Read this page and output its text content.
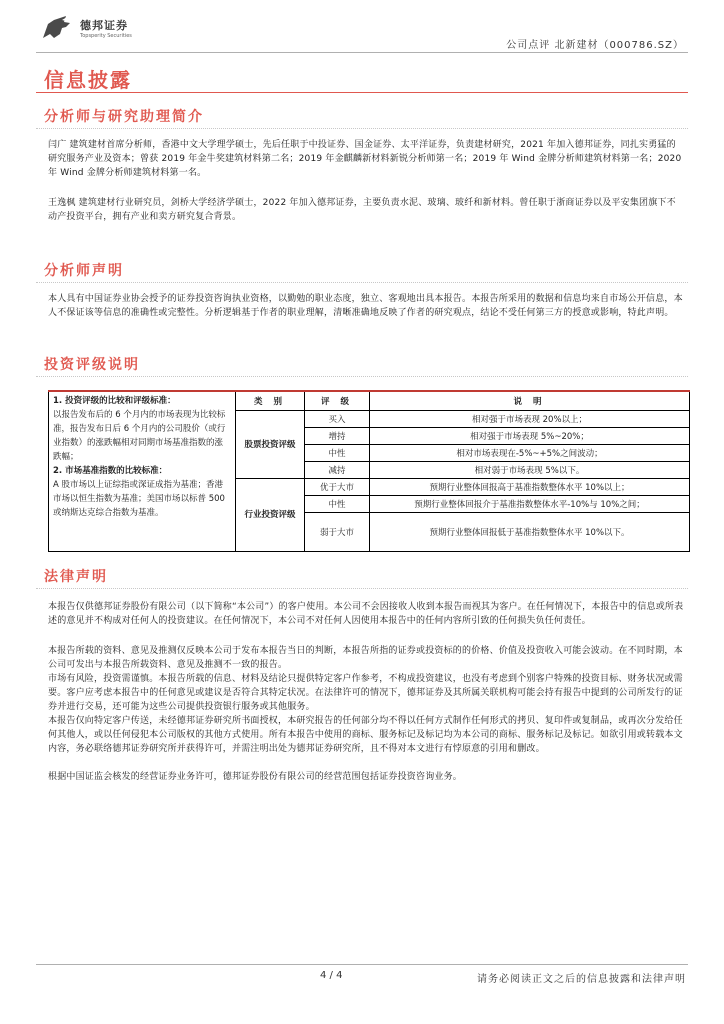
德邦证券
Topsperity Securities
公司点评 北新建材（000786.SZ）
信息披露
分析师与研究助理简介
闫广 建筑建材首席分析师，香港中文大学理学硕士，先后任职于中投证券、国金证券、太平洋证券，负责建材研究，2021 年加入德邦证券，同扎实勇猛的研究服务产业及资本；曾获 2019 年金牛奖建筑材料第二名；2019 年金麒麟新材料新锐分析师第一名；2019 年 Wind 金牌分析师建筑材料第一名；2020 年 Wind 金牌分析师建筑材料第一名。
王逸枫 建筑建材行业研究员，剑桥大学经济学硕士，2022 年加入德邦证券，主要负责水泥、玻璃、玻纤和新材料。曾任职于浙商证券以及平安集团旗下不动产投资平台，拥有产业和卖方研究复合背景。
分析师声明
本人具有中国证券业协会授予的证券投资咨询执业资格，以勤勉的职业态度，独立、客观地出具本报告。本报告所采用的数据和信息均来自市场公开信息，本人不保证该等信息的准确性或完整性。分析逻辑基于作者的职业理解，清晰准确地反映了作者的研究观点，结论不受任何第三方的授意或影响，特此声明。
投资评级说明
1. 投资评级的比较和评级标准：
以报告发布后的 6 个月内的市场表现为比较标准，报告发布日后 6 个月内的公司股价（或行业指数）的涨跌幅相对同期市场基准指数的涨跌幅；
2. 市场基准指数的比较标准：
A 股市场以上证综指或深证成指为基准；香港市场以恒生指数为基准；美国市场以标普 500 或纳斯达克综合指数为基准。	类 别	评 级	说 明
	股票投资评级	买入	相对强于市场表现 20%以上；
		增持	相对强于市场表现 5%~20%；
		中性	相对市场表现在-5%~+5%之间波动；
		减持	相对弱于市场表现 5%以下。
	行业投资评级	优于大市	预期行业整体回报高于基准指数整体水平 10%以上；
		中性	预期行业整体回报介于基准指数整体水平-10%与 10%之间；
		弱于大市	预期行业整体回报低于基准指数整体水平 10%以下。
法律声明
本报告仅供德邦证券股份有限公司（以下简称“本公司”）的客户使用。本公司不会因接收人收到本报告而视其为客户。在任何情况下，本报告中的信息或所表述的意见并不构成对任何人的投资建议。在任何情况下，本公司不对任何人因使用本报告中的任何内容所引致的任何损失负任何责任。
本报告所载的资料、意见及推测仅反映本公司于发布本报告当日的判断，本报告所指的证券或投资标的的价格、价值及投资收入可能会波动。在不同时期，本公司可发出与本报告所载资料、意见及推测不一致的报告。
市场有风险，投资需谨慎。本报告所载的信息、材料及结论只提供特定客户作参考，不构成投资建议，也没有考虑到个别客户特殊的投资目标、财务状况或需要。客户应考虑本报告中的任何意见或建议是否符合其特定状况。在法律许可的情况下，德邦证券及其所属关联机构可能会持有报告中提到的公司所发行的证券并进行交易，还可能为这些公司提供投资银行服务或其他服务。
本报告仅向特定客户传送，未经德邦证券研究所书面授权，本研究报告的任何部分均不得以任何方式制作任何形式的拷贝、复印件或复制品，或再次分发给任何其他人，或以任何侵犯本公司版权的其他方式使用。所有本报告中使用的商标、服务标记及标记均为本公司的商标、服务标记及标记。如欲引用或转载本文内容，务必联络德邦证券研究所并获得许可，并需注明出处为德邦证券研究所，且不得对本文进行有悖原意的引用和删改。
根据中国证监会核发的经营证券业务许可，德邦证券股份有限公司的经营范围包括证券投资咨询业务。
4 / 4	请务必阅读正文之后的信息披露和法律声明
